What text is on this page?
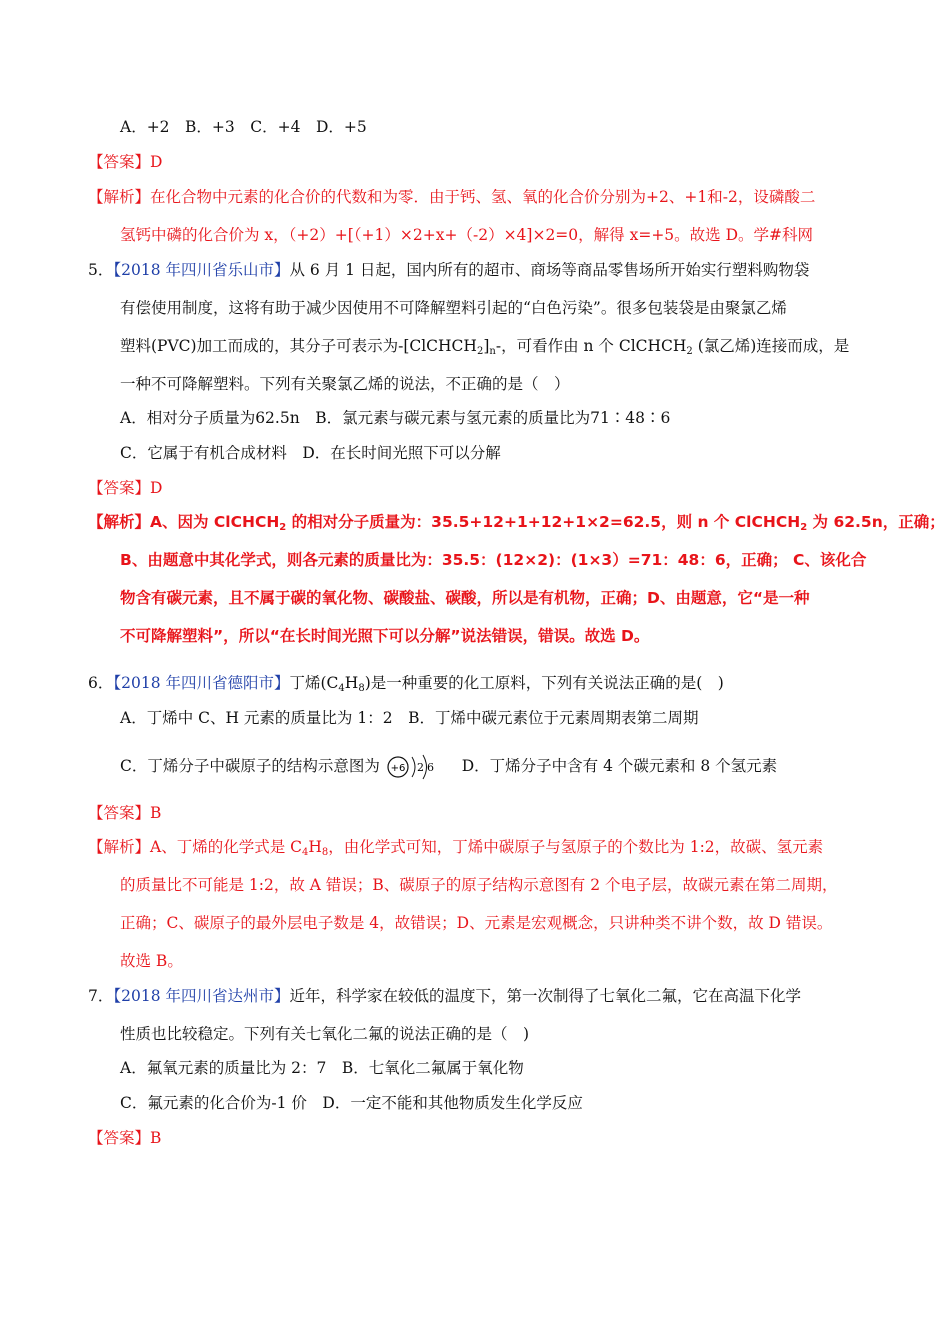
A．+2　B．+3　C．+4　D．+5
【答案】D
【解析】在化合物中元素的化合价的代数和为零．由于钙、氢、氧的化合价分别为+2、+1和-2，设磷酸二
氢钙中磷的化合价为 x，（+2）+[（+1）×2+x+（-2）×4]×2=0，解得 x=+5。故选 D。学#科网
5．【2018 年四川省乐山市】从 6 月 1 日起，国内所有的超市、商场等商品零售场所开始实行塑料购物袋
有偿使用制度，这将有助于减少因使用不可降解塑料引起的“白色污染”。很多包装袋是由聚氯乙烯
塑料(PVC)加工而成的，其分子可表示为$-[ClCHCH_2]_n-$，可看作由 n 个 ClCHCH$_2$ (氯乙烯)连接而成，是
一种不可降解塑料。下列有关聚氯乙烯的说法，不正确的是（　）
A．相对分子质量为62.5n　B．氯元素与碳元素与氢元素的质量比为71∶48∶6
C．它属于有机合成材料　D．在长时间光照下可以分解
【答案】D
【解析】A、因为 ClCHCH$_2$ 的相对分子质量为：35.5+12+1+12+1×2=62.5，则 n 个 ClCHCH$_2$ 为 62.5n，正确；
B、由题意中其化学式，则各元素的质量比为：35.5：(12×2)：(1×3）=71：48：6，正确； C、该化合
物含有碳元素，且不属于碳的氧化物、碳酸盐、碳酸，所以是有机物，正确；D、由题意，它“是一种
不可降解塑料”，所以“在长时间光照下可以分解”说法错误，错误。故选 D。
6．【2018 年四川省德阳市】丁烯$(C_4H_8)$是一种重要的化工原料，下列有关说法正确的是(　)
A．丁烯中 C、H 元素的质量比为 1：2　B．丁烯中碳元素位于元素周期表第二周期
C．丁烯分子中碳原子的结构示意图为 +6 2 6 D．丁烯分子中含有 4 个碳元素和 8 个氢元素
【答案】B
【解析】A、丁烯的化学式是 $C_4H_8$，由化学式可知，丁烯中碳原子与氢原子的个数比为 1:2，故碳、氢元素
的质量比不可能是 1:2，故 A 错误；B、碳原子的原子结构示意图有 2 个电子层，故碳元素在第二周期，
正确；C、碳原子的最外层电子数是 4，故错误；D、元素是宏观概念，只讲种类不讲个数，故 D 错误。
故选 B。
7．【2018 年四川省达州市】近年，科学家在较低的温度下，第一次制得了七氧化二氟，它在高温下化学
性质也比较稳定。下列有关七氧化二氟的说法正确的是（　)
A．氟氧元素的质量比为 2：7　B．七氧化二氟属于氧化物
C．氟元素的化合价为-1 价　D．一定不能和其他物质发生化学反应
【答案】B
